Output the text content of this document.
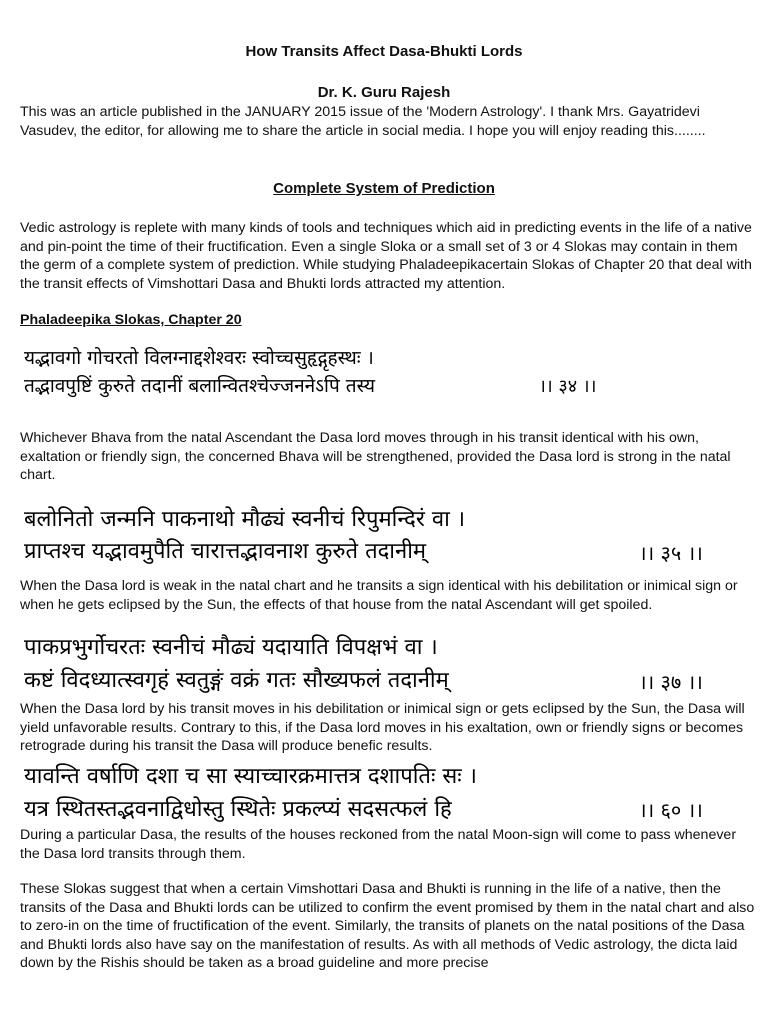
How Transits Affect Dasa-Bhukti Lords
Dr. K. Guru Rajesh
This was an article published in the JANUARY 2015 issue of the 'Modern Astrology'. I thank Mrs. Gayatridevi Vasudev, the editor, for allowing me to share the article in social media. I hope you will enjoy reading this........
Complete System of Prediction
Vedic astrology is replete with many kinds of tools and techniques which aid in predicting events in the life of a native and pin-point the time of their fructification. Even a single Sloka or a small set of 3 or 4 Slokas may contain in them the germ of a complete system of prediction. While studying Phaladeepikacertain Slokas of Chapter 20 that deal with the transit effects of Vimshottari Dasa and Bhukti lords attracted my attention.
Phaladeepika Slokas, Chapter 20
यद्भावगो गोचरतो विलग्नाद्दशेश्वरः स्वोच्चसुहृद्गृहस्थः ।
तद्भावपुष्टिं कुरुते तदानीं बलान्वितश्चेज्जननेऽपि तस्य	।। ३४ ।।
Whichever Bhava from the natal Ascendant the Dasa lord moves through in his transit identical with his own, exaltation or friendly sign, the concerned Bhava will be strengthened, provided the Dasa lord is strong in the natal chart.
बलोनितो जन्मनि पाकनाथो मौढ्यं स्वनीचं रिपुमन्दिरं वा ।
प्राप्तश्च यद्भावमुपैति चारात्तद्भावनाश कुरुते तदानीम्	।। ३५ ।।
When the Dasa lord is weak in the natal chart and he transits a sign identical with his debilitation or inimical sign or when he gets eclipsed by the Sun, the effects of that house from the natal Ascendant will get spoiled.
पाकप्रभुर्गोचरतः स्वनीचं मौढ्यं यदायाति विपक्षभं वा ।
कष्टं विदध्यात्स्वगृहं स्वतुङ्गं वक्रं गतः सौख्यफलं तदानीम्	।। ३७ ।।
When the Dasa lord by his transit moves in his debilitation or inimical sign or gets eclipsed by the Sun, the Dasa will yield unfavorable results. Contrary to this, if the Dasa lord moves in his exaltation, own or friendly signs or becomes retrograde during his transit the Dasa will produce benefic results.
यावन्ति वर्षाणि दशा च सा स्याच्चारक्रमात्तत्र दशापतिः सः ।
यत्र स्थितस्तद्भवनाद्विधोस्तु स्थितेः प्रकल्प्यं सदसत्फलं हि	।। ६० ।।
During a particular Dasa, the results of the houses reckoned from the natal Moon-sign will come to pass whenever the Dasa lord transits through them.
These Slokas suggest that when a certain Vimshottari Dasa and Bhukti is running in the life of a native, then the transits of the Dasa and Bhukti lords can be utilized to confirm the event promised by them in the natal chart and also to zero-in on the time of fructification of the event. Similarly, the transits of planets on the natal positions of the Dasa and Bhukti lords also have say on the manifestation of results. As with all methods of Vedic astrology, the dicta laid down by the Rishis should be taken as a broad guideline and more precise
